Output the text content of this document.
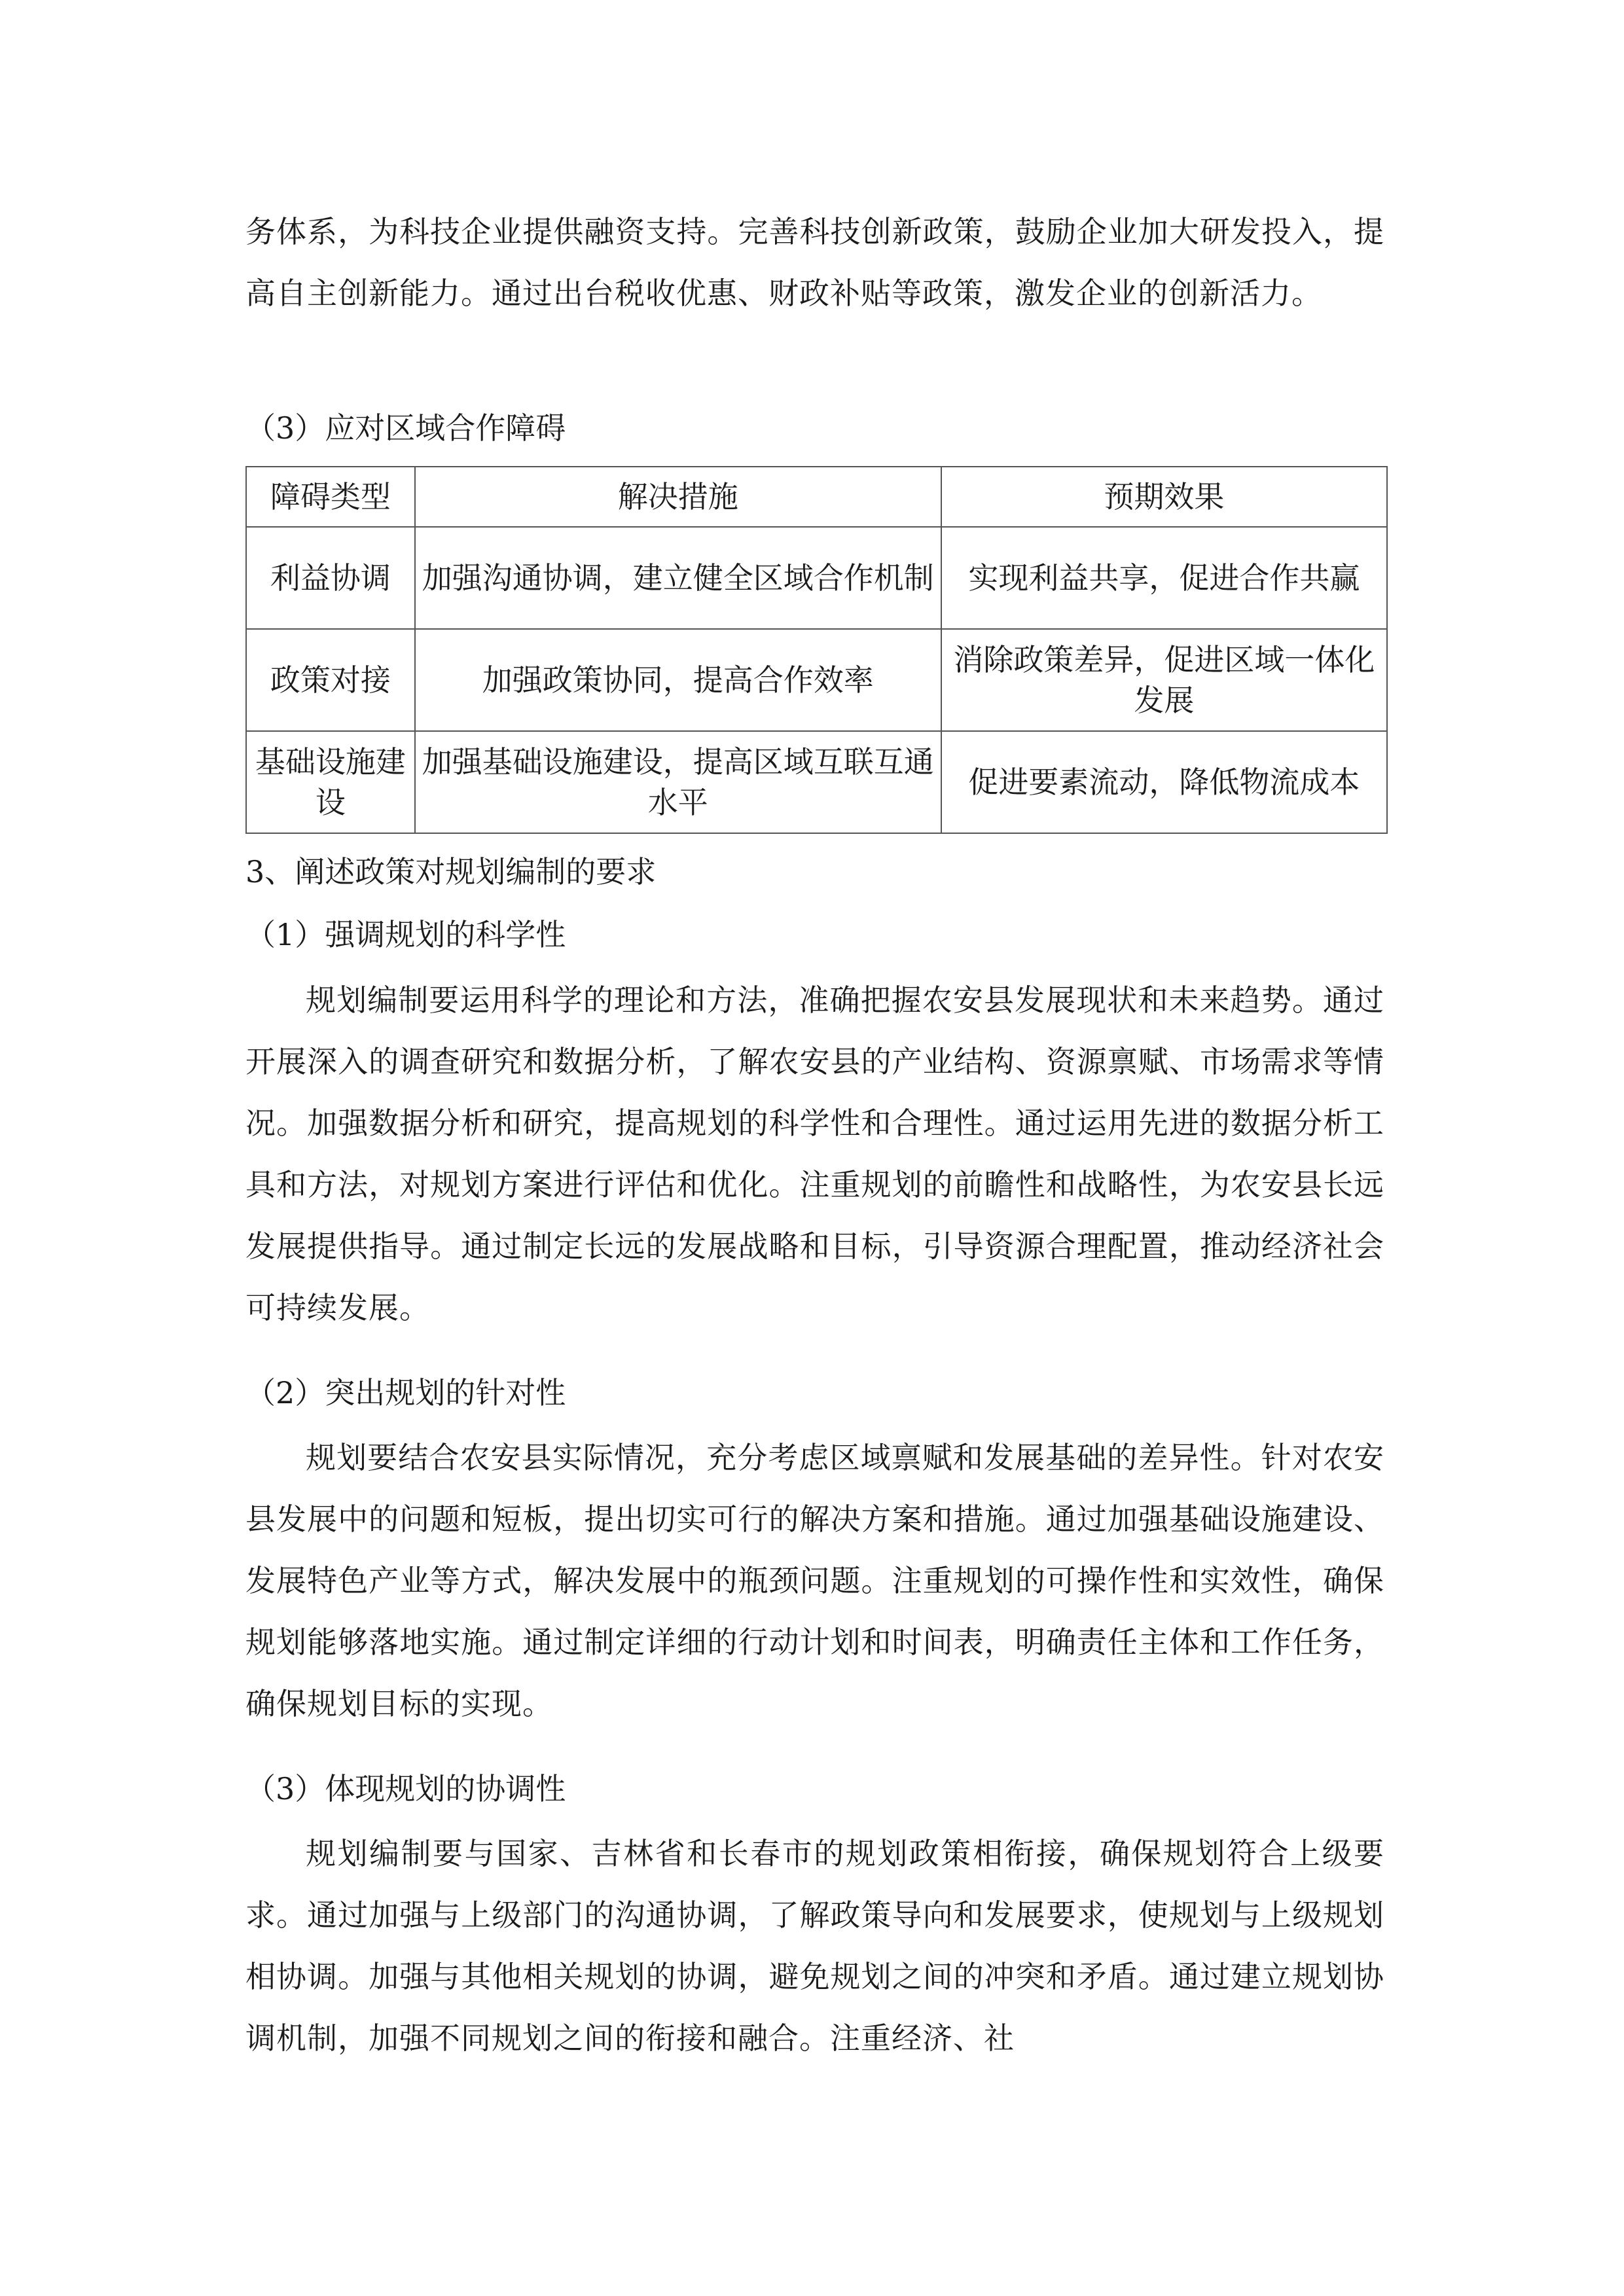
务体系，为科技企业提供融资支持。完善科技创新政策，鼓励企业加大研发投入，提高自主创新能力。通过出台税收优惠、财政补贴等政策，激发企业的创新活力。

（3）应对区域合作障碍

障碍类型	解决措施	预期效果
利益协调	加强沟通协调，建立健全区域合作机制	实现利益共享，促进合作共赢
政策对接	加强政策协同，提高合作效率	消除政策差异，促进区域一体化发展
基础设施建设	加强基础设施建设，提高区域互联互通水平	促进要素流动，降低物流成本

3、阐述政策对规划编制的要求

（1）强调规划的科学性

规划编制要运用科学的理论和方法，准确把握农安县发展现状和未来趋势。通过开展深入的调查研究和数据分析，了解农安县的产业结构、资源禀赋、市场需求等情况。加强数据分析和研究，提高规划的科学性和合理性。通过运用先进的数据分析工具和方法，对规划方案进行评估和优化。注重规划的前瞻性和战略性，为农安县长远发展提供指导。通过制定长远的发展战略和目标，引导资源合理配置，推动经济社会可持续发展。

（2）突出规划的针对性

规划要结合农安县实际情况，充分考虑区域禀赋和发展基础的差异性。针对农安县发展中的问题和短板，提出切实可行的解决方案和措施。通过加强基础设施建设、发展特色产业等方式，解决发展中的瓶颈问题。注重规划的可操作性和实效性，确保规划能够落地实施。通过制定详细的行动计划和时间表，明确责任主体和工作任务，确保规划目标的实现。

（3）体现规划的协调性

规划编制要与国家、吉林省和长春市的规划政策相衔接，确保规划符合上级要求。通过加强与上级部门的沟通协调，了解政策导向和发展要求，使规划与上级规划相协调。加强与其他相关规划的协调，避免规划之间的冲突和矛盾。通过建立规划协调机制，加强不同规划之间的衔接和融合。注重经济、社
